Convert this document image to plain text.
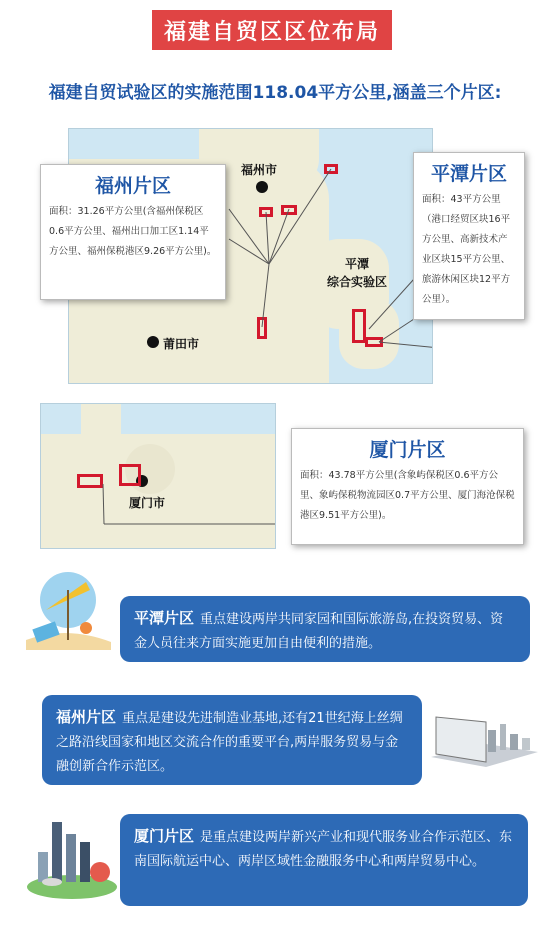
福建自贸区区位布局
福建自贸试验区的实施范围118.04平方公里,涵盖三个片区:
福州市
莆田市
平潭
综合实验区
厦门市
福州片区
面积：31.26平方公里(含福州保税区0.6平方公里、福州出口加工区1.14平方公里、福州保税港区9.26平方公里)。
平潭片区
面积：43平方公里（港口经贸区块16平方公里、高新技术产业区块15平方公里、旅游休闲区块12平方公里）。
厦门片区
面积：43.78平方公里(含象屿保税区0.6平方公里、象屿保税物流园区0.7平方公里、厦门海沧保税港区9.51平方公里)。
平潭片区 重点建设两岸共同家园和国际旅游岛,在投资贸易、资金人员往来方面实施更加自由便利的措施。
福州片区 重点是建设先进制造业基地,还有21世纪海上丝绸之路沿线国家和地区交流合作的重要平台,两岸服务贸易与金融创新合作示范区。
厦门片区 是重点建设两岸新兴产业和现代服务业合作示范区、东南国际航运中心、两岸区域性金融服务中心和两岸贸易中心。
